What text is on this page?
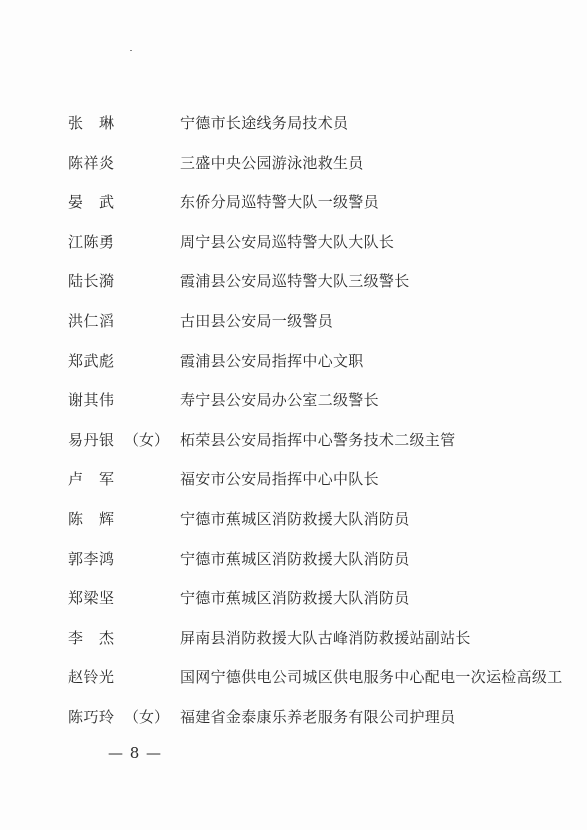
张　琳	宁德市长途线务局技术员
陈祥炎	三盛中央公园游泳池救生员
晏　武	东侨分局巡特警大队一级警员
江陈勇	周宁县公安局巡特警大队大队长
陆长漪	霞浦县公安局巡特警大队三级警长
洪仁滔	古田县公安局一级警员
郑武彪	霞浦县公安局指挥中心文职
谢其伟	寿宁县公安局办公室二级警长
易丹银 （女） 柘荣县公安局指挥中心警务技术二级主管
卢　军	福安市公安局指挥中心中队长
陈　辉	宁德市蕉城区消防救援大队消防员
郭李鸿	宁德市蕉城区消防救援大队消防员
郑梁坚	宁德市蕉城区消防救援大队消防员
李　杰	屏南县消防救援大队古峰消防救援站副站长
赵铃光	国网宁德供电公司城区供电服务中心配电一次运检高级工
陈巧玲 （女） 福建省金泰康乐养老服务有限公司护理员
— 8 —
